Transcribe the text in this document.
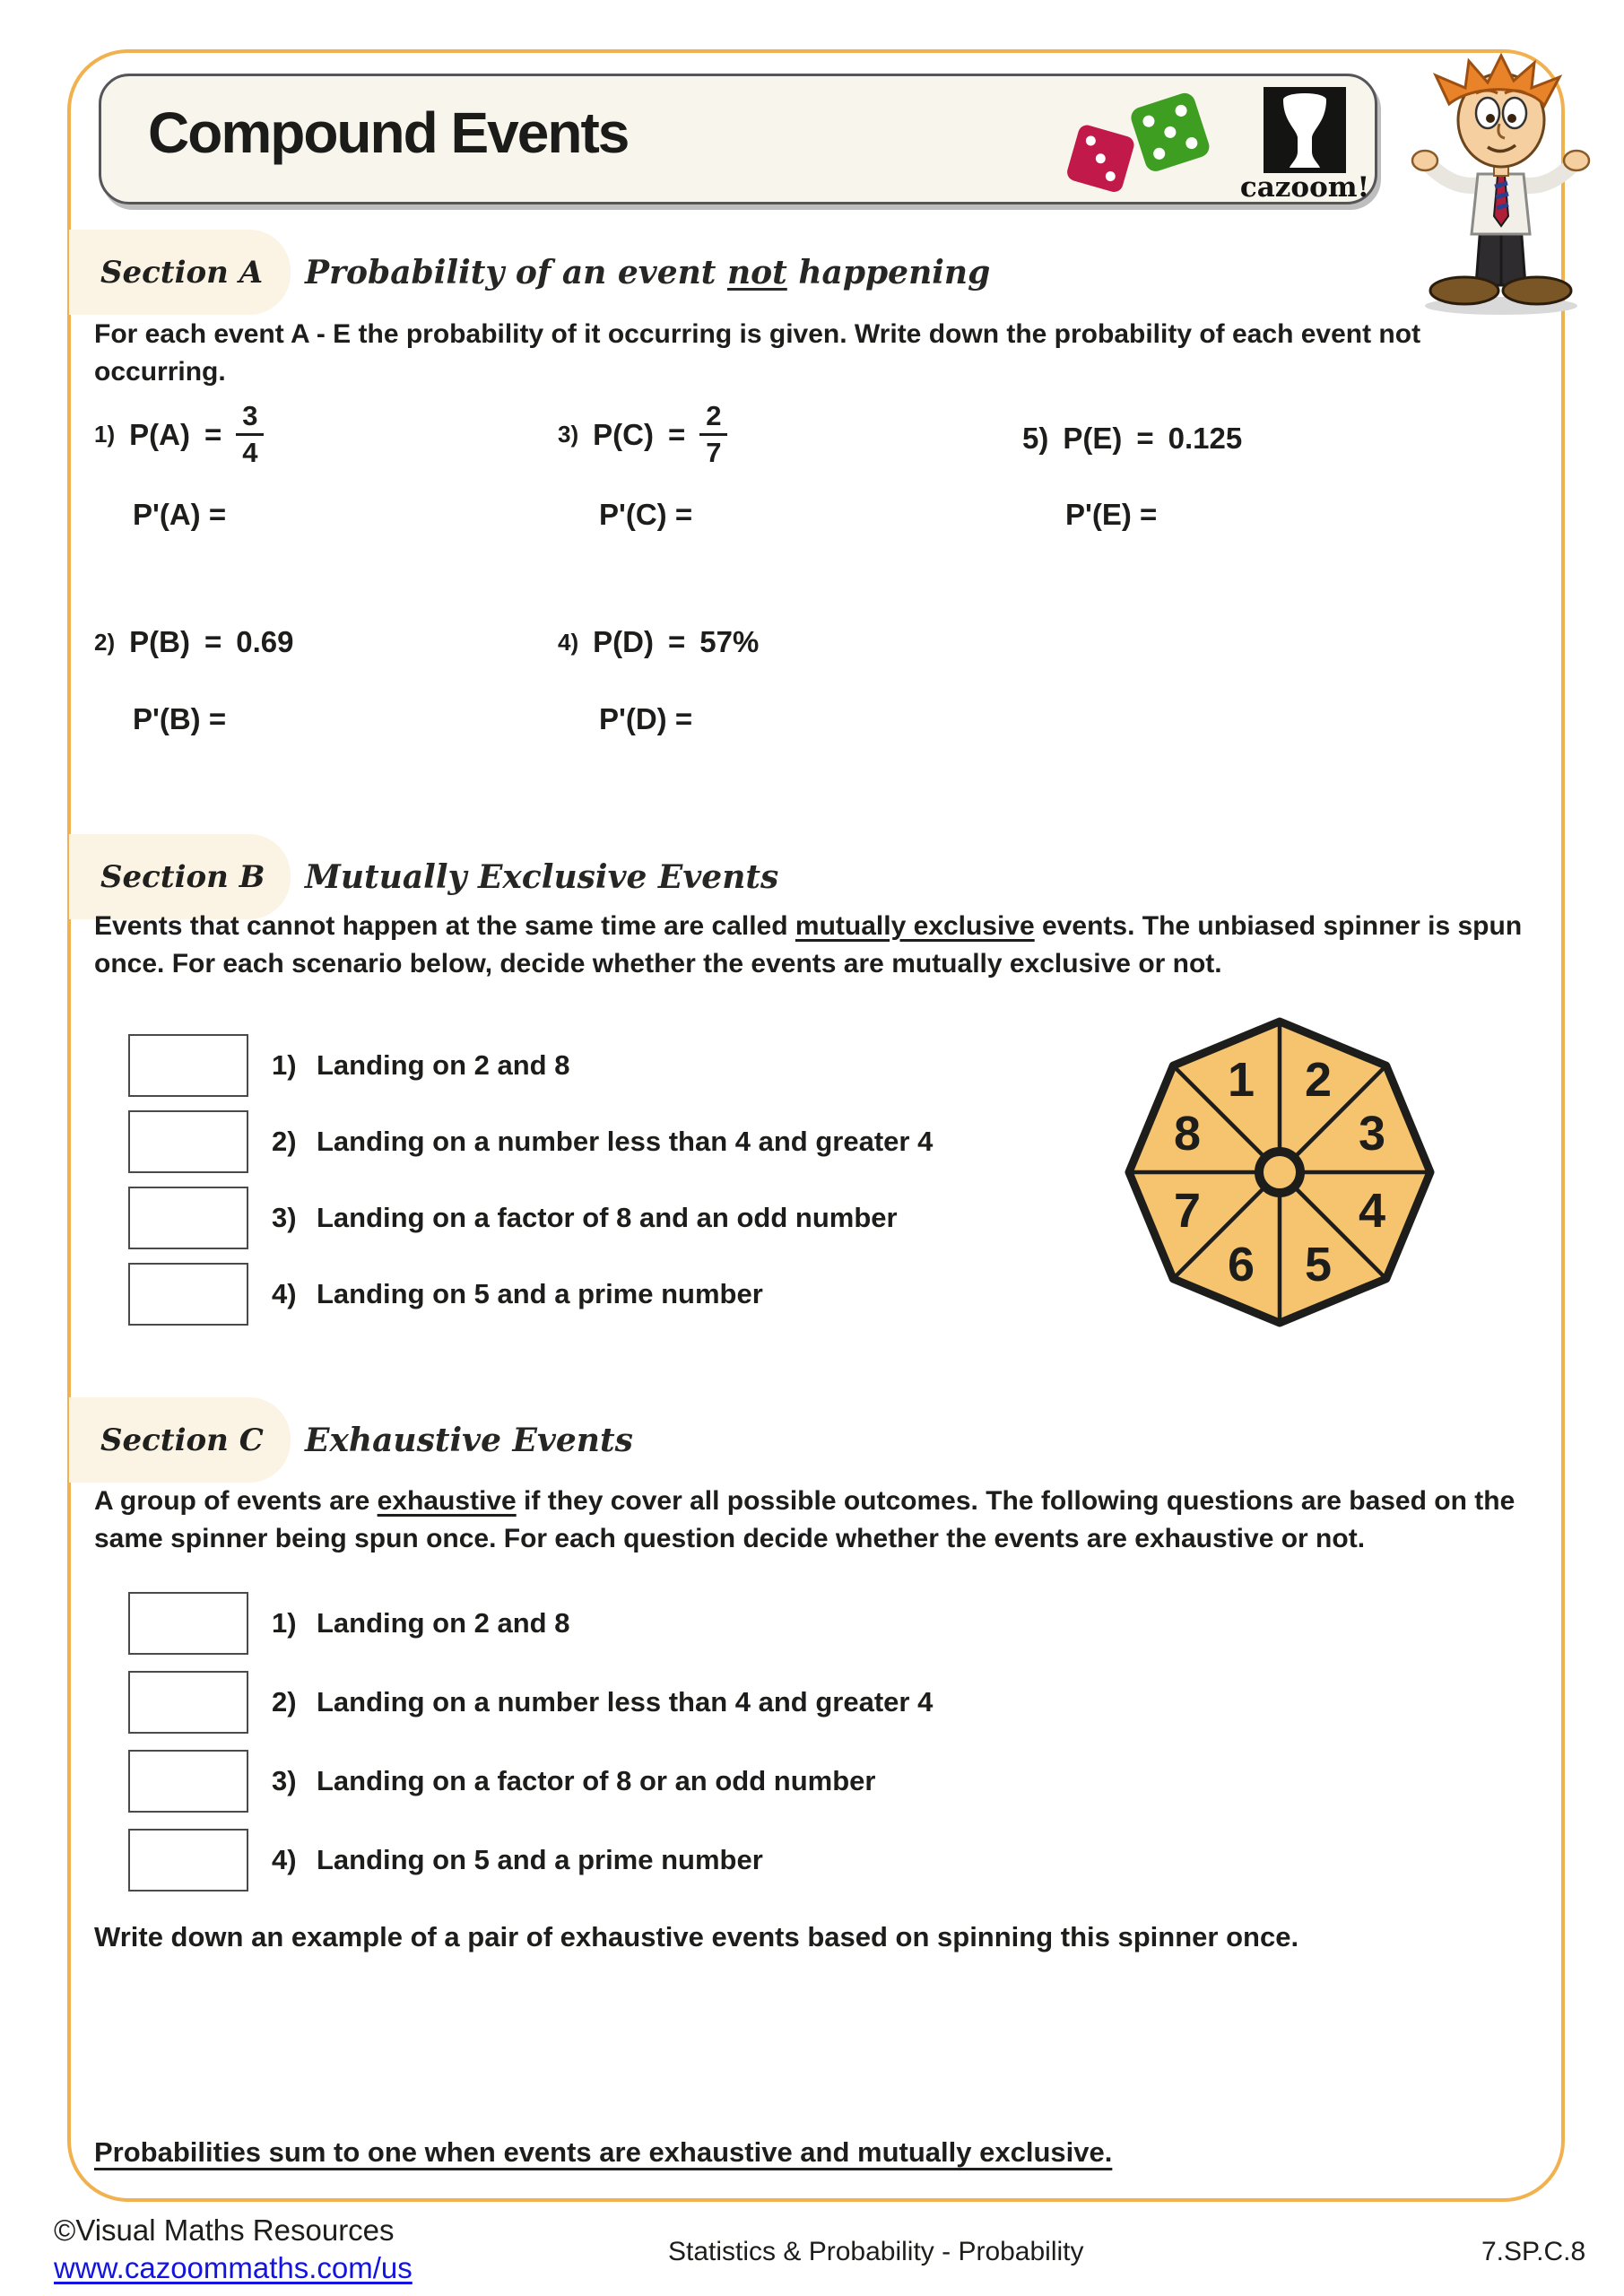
Compound Events
cazoom!
Section A Probability of an event not happening
For each event A - E the probability of it occurring is given. Write down the probability of each event not occurring.
1) $P(A) = \frac{3}{4}$	3) $P(C) = \frac{2}{7}$	5) P(E) = 0.125
P'(A) =	P'(C) =	P'(E) =
2) P(B) = 0.69	4) P(D) = 57%
P'(B) =	P'(D) =
Section B Mutually Exclusive Events
Events that cannot happen at the same time are called mutually exclusive events. The unbiased spinner is spun once. For each scenario below, decide whether the events are mutually exclusive or not.
1) Landing on 2 and 8
2) Landing on a number less than 4 and greater 4
3) Landing on a factor of 8 and an odd number
4) Landing on 5 and a prime number
1 2
3
4
5
6
7
8
Section C Exhaustive Events
A group of events are exhaustive if they cover all possible outcomes. The following questions are based on the same spinner being spun once. For each question decide whether the events are exhaustive or not.
1) Landing on 2 and 8
2) Landing on a number less than 4 and greater 4
3) Landing on a factor of 8 or an odd number
4) Landing on 5 and a prime number
Write down an example of a pair of exhaustive events based on spinning this spinner once.
Probabilities sum to one when events are exhaustive and mutually exclusive.
©Visual Maths Resources
www.cazoommaths.com/us	Statistics & Probability - Probability	7.SP.C.8
